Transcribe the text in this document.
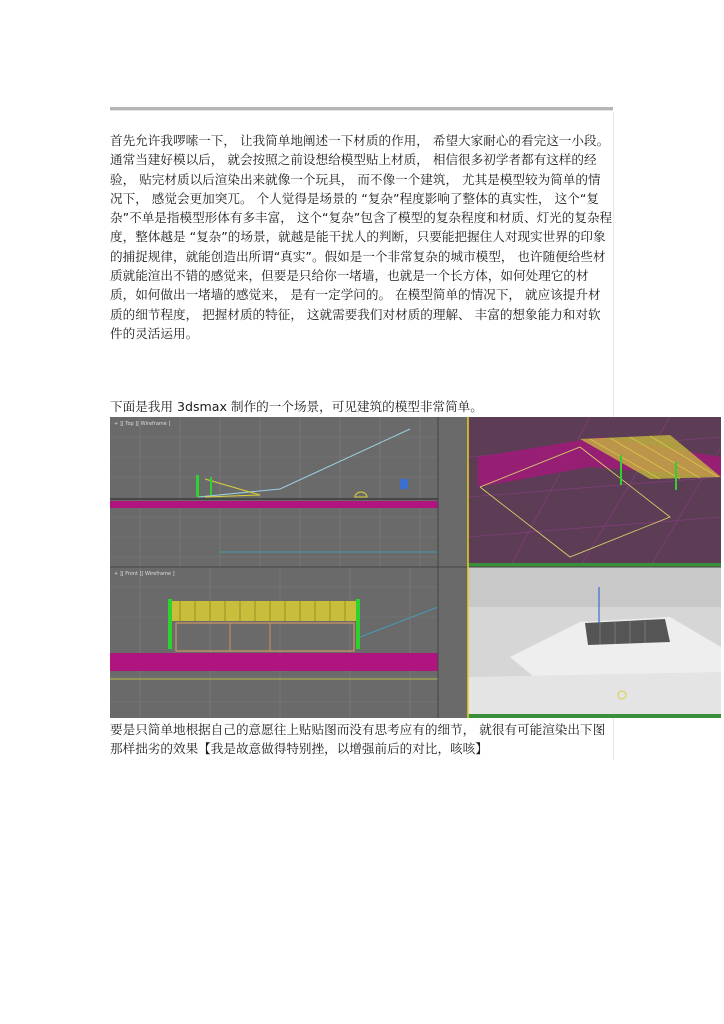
首先允许我啰嗦一下， 让我简单地阐述一下材质的作用， 希望大家耐心的看完这一小段。通常当建好模以后， 就会按照之前设想给模型贴上材质， 相信很多初学者都有这样的经验， 贴完材质以后渲染出来就像一个玩具， 而不像一个建筑， 尤其是模型较为简单的情况下， 感觉会更加突兀。 个人觉得是场景的 “复杂”程度影响了整体的真实性， 这个“复杂”不单是指模型形体有多丰富， 这个“复杂”包含了模型的复杂程度和材质、灯光的复杂程度，整体越是 “复杂”的场景，就越是能干扰人的判断，只要能把握住人对现实世界的印象的捕捉规律，就能创造出所谓“真实”。假如是一个非常复杂的城市模型， 也许随便给些材质就能渲出不错的感觉来，但要是只给你一堵墙，也就是一个长方体，如何处理它的材质，如何做出一堵墙的感觉来， 是有一定学问的。 在模型简单的情况下， 就应该提升材质的细节程度， 把握材质的特征， 这就需要我们对材质的理解、 丰富的想象能力和对软件的灵活运用。

下面是我用 3dsmax 制作的一个场景，可见建筑的模型非常简单。

+ ][ Top ][ Wireframe ]
+ ][ Front ][ Wireframe ]

要是只简单地根据自己的意愿往上贴贴图而没有思考应有的细节， 就很有可能渲染出下图那样拙劣的效果【我是故意做得特别挫，以增强前后的对比，咳咳】
